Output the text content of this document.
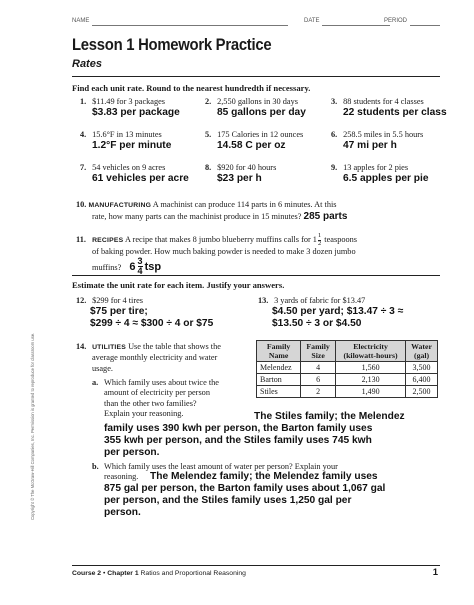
NAME	DATE	PERIOD
Lesson 1 Homework Practice
Rates
Find each unit rate. Round to the nearest hundredth if necessary.
1. $11.49 for 3 packages
$3.83 per package
2. 2,550 gallons in 30 days
85 gallons per day
3. 88 students for 4 classes
22 students per class
4. 15.6°F in 13 minutes
1.2°F per minute
5. 175 Calories in 12 ounces
14.58 C per oz
6. 258.5 miles in 5.5 hours
47 mi per h
7. 54 vehicles on 9 acres
61 vehicles per acre
8. $920 for 40 hours
$23 per h
9. 13 apples for 2 pies
6.5 apples per pie
10. MANUFACTURING A machinist can produce 114 parts in 6 minutes. At this
rate, how many parts can the machinist produce in 15 minutes? 285 parts
11. RECIPES A recipe that makes 8 jumbo blueberry muffins calls for $1 \frac{1}{2}$ teaspoons
of baking powder. How much baking powder is needed to make 3 dozen jumbo
muffins? $6 \frac{3}{4}$ tsp
Estimate the unit rate for each item. Justify your answers.
12. $299 for 4 tires
$75 per tire;
$299 ÷ 4 ≈ $300 ÷ 4 or $75
13. 3 yards of fabric for $13.47
$4.50 per yard; $13.47 ÷ 3 ≈
$13.50 ÷ 3 or $4.50
14. UTILITIES Use the table that shows the
average monthly electricity and water
usage.
a. Which family uses about twice the
amount of electricity per person
than the other two families?
Explain your reasoning.	The Stiles family; the Melendez
family uses 390 kwh per person, the Barton family uses
355 kwh per person, and the Stiles family uses 745 kwh
per person.
b. Which family uses the least amount of water per person? Explain your
reasoning.	The Melendez family; the Melendez family uses
875 gal per person, the Barton family uses about 1,067 gal
per person, and the Stiles family uses 1,250 gal per
person.
Family
Name	Family
Size	Electricity
(kilowatt-hours)	Water
(gal)
Melendez	4	1,560	3,500
Barton	6	2,130	6,400
Stiles	2	1,490	2,500
Copyright © The McGraw-Hill Companies, Inc. Permission is granted to reproduce for classroom use.
Course 2 • Chapter 1 Ratios and Proportional Reasoning	1
